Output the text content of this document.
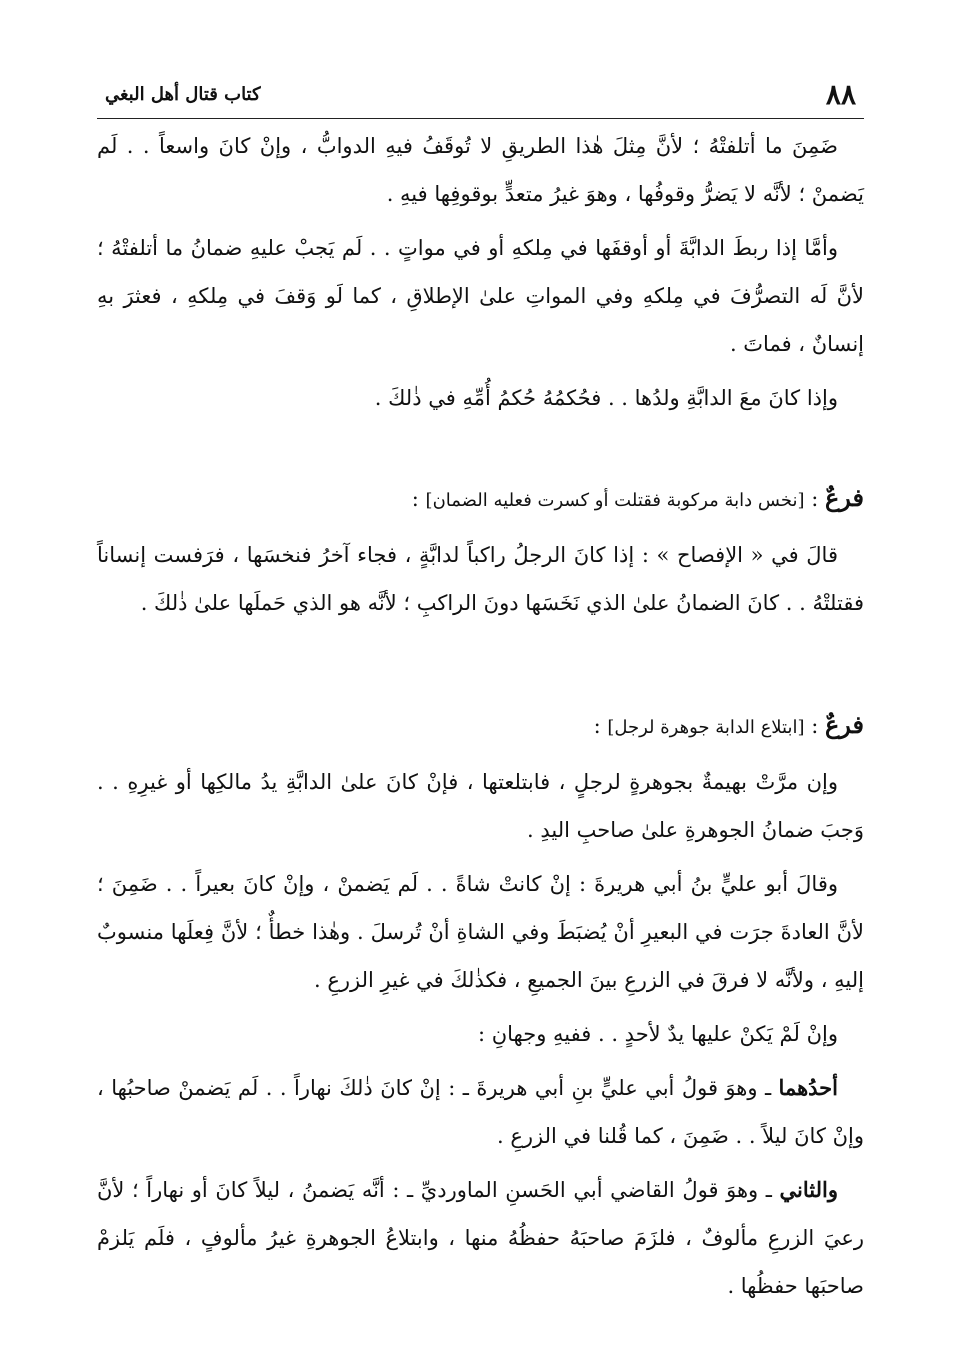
٨٨
كتاب قتال أهل البغي

ضَمِنَ ما أتلفتْهُ ؛ لأنَّ مِثلَ هٰذا الطريقِ لا تُوقَفُ فيهِ الدوابُّ ، وإنْ كانَ واسعاً . . لَم يَضمنْ ؛ لأنَّه لا يَضرُّ وقوفُها ، وهوَ غيرُ متعدٍّ بوقوفِها فيهِ .

وأمَّا إذا ربطَ الدابَّةَ أو أوقفَها في مِلكهِ أو في مواتٍ . . لَم يَجبْ عليهِ ضمانُ ما أتلفتْهُ ؛ لأنَّ لَه التصرُّفَ في مِلكهِ وفي المواتِ علىٰ الإطلاقِ ، كما لَو وَقفَ في مِلكهِ ، فعثرَ بهِ إنسانٌ ، فماتَ .

وإذا كانَ معَ الدابَّةِ ولدُها . . فحُكمُهُ حُكمُ أُمِّهِ في ذٰلكَ .

فرعٌ : [نخس دابة مركوبة فقتلت أو كسرت فعليه الضمان] :

قالَ في « الإفصاح » : إذا كانَ الرجلُ راكباً لدابَّةٍ ، فجاء آخرُ فنخسَها ، فرَفست إنساناً فقتلتْهُ . . كانَ الضمانُ علىٰ الذي نَخَسَها دونَ الراكبِ ؛ لأنَّه هو الذي حَملَها علىٰ ذٰلكَ .

فرعٌ : [ابتلاع الدابة جوهرة لرجل] :

وإن مرَّتْ بهيمةٌ بجوهرةٍ لرجلٍ ، فابتلعتها ، فإنْ كانَ علىٰ الدابَّةِ يدُ مالكِها أو غيرِهِ . . وَجبَ ضمانُ الجوهرةِ علىٰ صاحبِ اليدِ .

وقالَ أبو عليٍّ بنُ أبي هريرةَ : إنْ كانتْ شاةً . . لَم يَضمنْ ، وإنْ كانَ بعيراً . . ضَمِنَ ؛ لأنَّ العادةَ جرَت في البعيرِ أنْ يُضبَطَ وفي الشاةِ أنْ تُرسلَ . وهٰذا خطأٌ ؛ لأنَّ فِعلَها منسوبٌ إليهِ ، ولأنَّه لا فرقَ في الزرعِ بينَ الجميعِ ، فكذٰلكَ في غيرِ الزرعِ .

وإنْ لَمْ يَكنْ عليها يدٌ لأحدٍ . . ففيهِ وجهانِ :

أحدُهما ـ وهوَ قولُ أبي عليٍّ بنِ أبي هريرةَ ـ : إنْ كانَ ذٰلكَ نهاراً . . لَم يَضمنْ صاحبُها ، وإنْ كانَ ليلاً . . ضَمِنَ ، كما قُلنا في الزرعِ .

والثاني ـ وهوَ قولُ القاضي أبي الحَسنِ الماورديِّ ـ : أنَّه يَضمنُ ، ليلاً كانَ أو نهاراً ؛ لأنَّ رعيَ الزرعِ مألوفٌ ، فلزَمَ صاحبَهُ حفظُهُ منها ، وابتلاعُ الجوهرةِ غيرُ مألوفٍ ، فلَم يَلزمْ صاحبَها حفظُها .
